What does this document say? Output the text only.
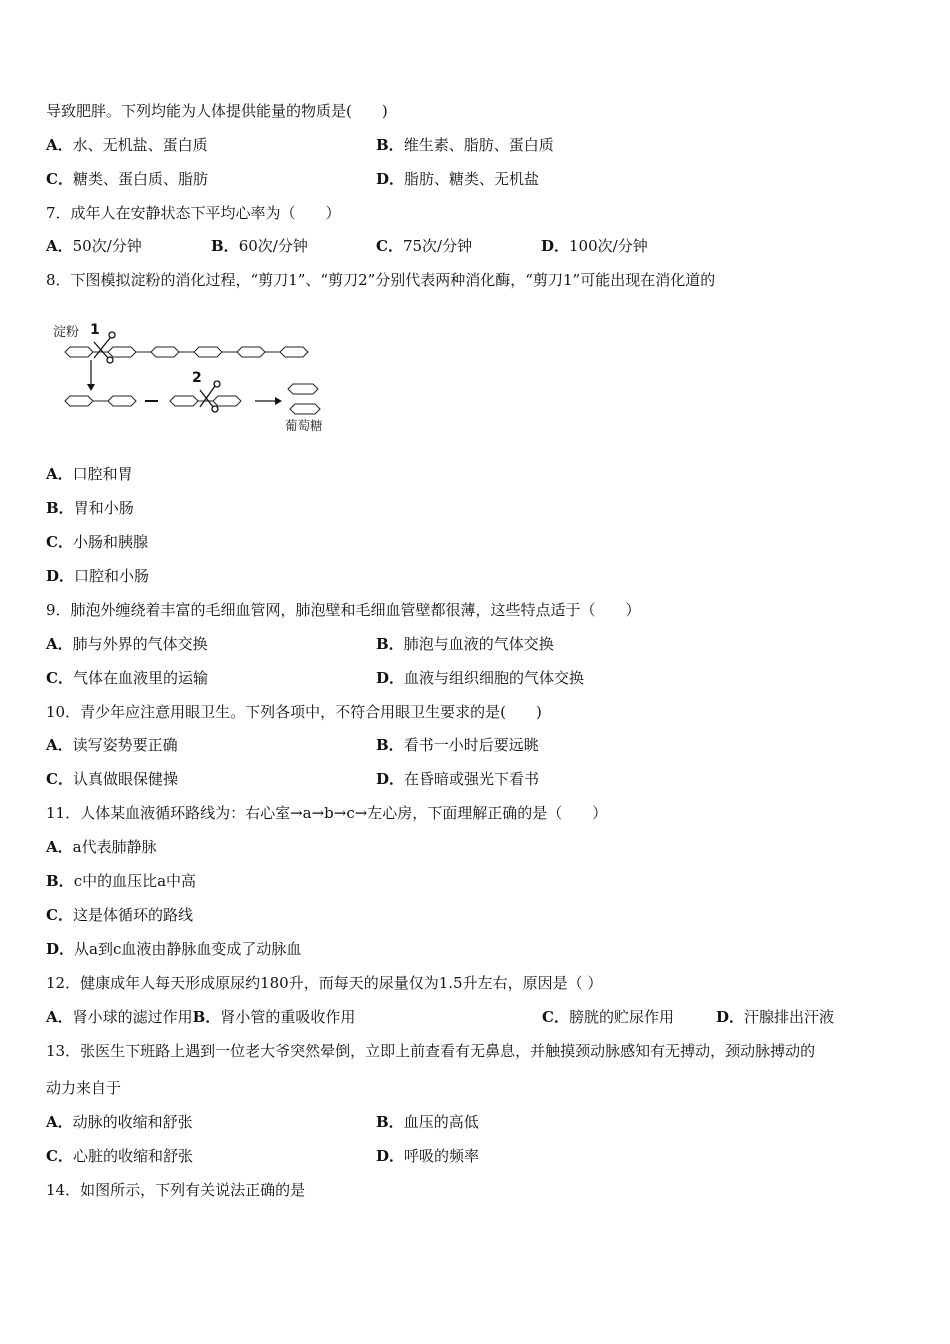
导致肥胖。下列均能为人体提供能量的物质是(　　)
A．水、无机盐、蛋白质	B．维生素、脂肪、蛋白质
C．糖类、蛋白质、脂肪	D．脂肪、糖类、无机盐
7．成年人在安静状态下平均心率为（　　）
A．50次/分钟	B．60次/分钟	C．75次/分钟	D．100次/分钟
8．下图模拟淀粉的消化过程，“剪刀1”、“剪刀2”分别代表两种消化酶，“剪刀1”可能出现在消化道的
淀粉 1
2
葡萄糖
A．口腔和胃
B．胃和小肠
C．小肠和胰腺
D．口腔和小肠
9．肺泡外缠绕着丰富的毛细血管网，肺泡壁和毛细血管壁都很薄，这些特点适于（　　）
A．肺与外界的气体交换	B．肺泡与血液的气体交换
C．气体在血液里的运输	D．血液与组织细胞的气体交换
10．青少年应注意用眼卫生。下列各项中，不符合用眼卫生要求的是(　　)
A．读写姿势要正确	B．看书一小时后要远眺
C．认真做眼保健操	D．在昏暗或强光下看书
11．人体某血液循环路线为：右心室→a→b→c→左心房，下面理解正确的是（　　）
A．a代表肺静脉
B．c中的血压比a中高
C．这是体循环的路线
D．从a到c血液由静脉血变成了动脉血
12．健康成年人每天形成原尿约180升，而每天的尿量仅为1.5升左右，原因是（ ）
A．肾小球的滤过作用B．肾小管的重吸收作用	C．膀胱的贮尿作用	D．汗腺排出汗液
13．张医生下班路上遇到一位老大爷突然晕倒，立即上前查看有无鼻息，并触摸颈动脉感知有无搏动，颈动脉搏动的
动力来自于
A．动脉的收缩和舒张	B．血压的高低
C．心脏的收缩和舒张	D．呼吸的频率
14．如图所示，下列有关说法正确的是
